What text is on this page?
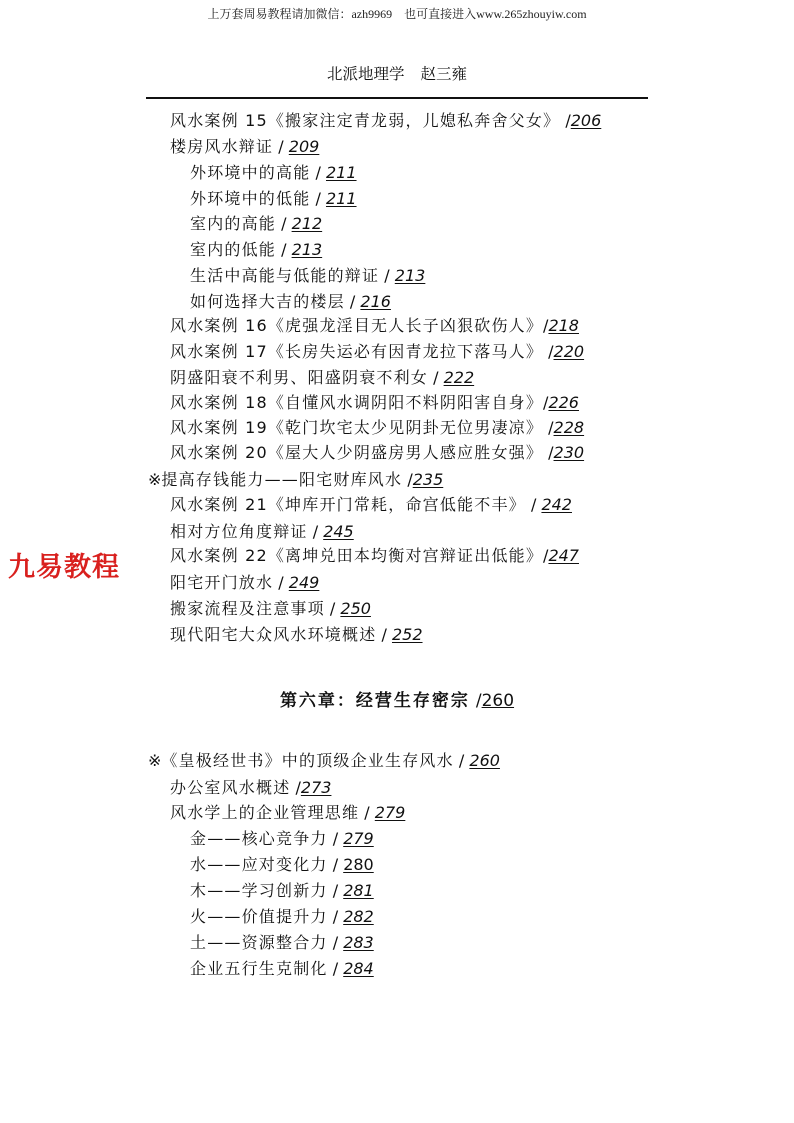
上万套周易教程请加微信：azh9969　也可直接进入www.265zhouyiw.com
北派地理学 赵三雍
九易教程
风水案例 15《搬家注定青龙弱，儿媳私奔舍父女》 /206
楼房风水辩证 / 209
外环境中的高能 / 211
外环境中的低能 / 211
室内的高能 / 212
室内的低能 / 213
生活中高能与低能的辩证 / 213
如何选择大吉的楼层 / 216
风水案例 16《虎强龙淫目无人长子凶狠砍伤人》/218
风水案例 17《长房失运必有因青龙拉下落马人》 /220
阴盛阳衰不利男、阳盛阴衰不利女 / 222
风水案例 18《自懂风水调阴阳不料阴阳害自身》/226
风水案例 19《乾门坎宅太少见阴卦无位男凄凉》 /228
风水案例 20《屋大人少阴盛房男人感应胜女强》 /230
※提高存钱能力——阳宅财库风水 /235
风水案例 21《坤库开门常耗，命宫低能不丰》 / 242
相对方位角度辩证 / 245
风水案例 22《离坤兑田本均衡对宫辩证出低能》/247
阳宅开门放水 / 249
搬家流程及注意事项 / 250
现代阳宅大众风水环境概述 / 252
第六章：经营生存密宗 /260
※《皇极经世书》中的顶级企业生存风水 / 260
办公室风水概述 /273
风水学上的企业管理思维 / 279
金——核心竞争力 / 279
水——应对变化力 / 280
木——学习创新力 / 281
火——价值提升力 / 282
土——资源整合力 / 283
企业五行生克制化 / 284
